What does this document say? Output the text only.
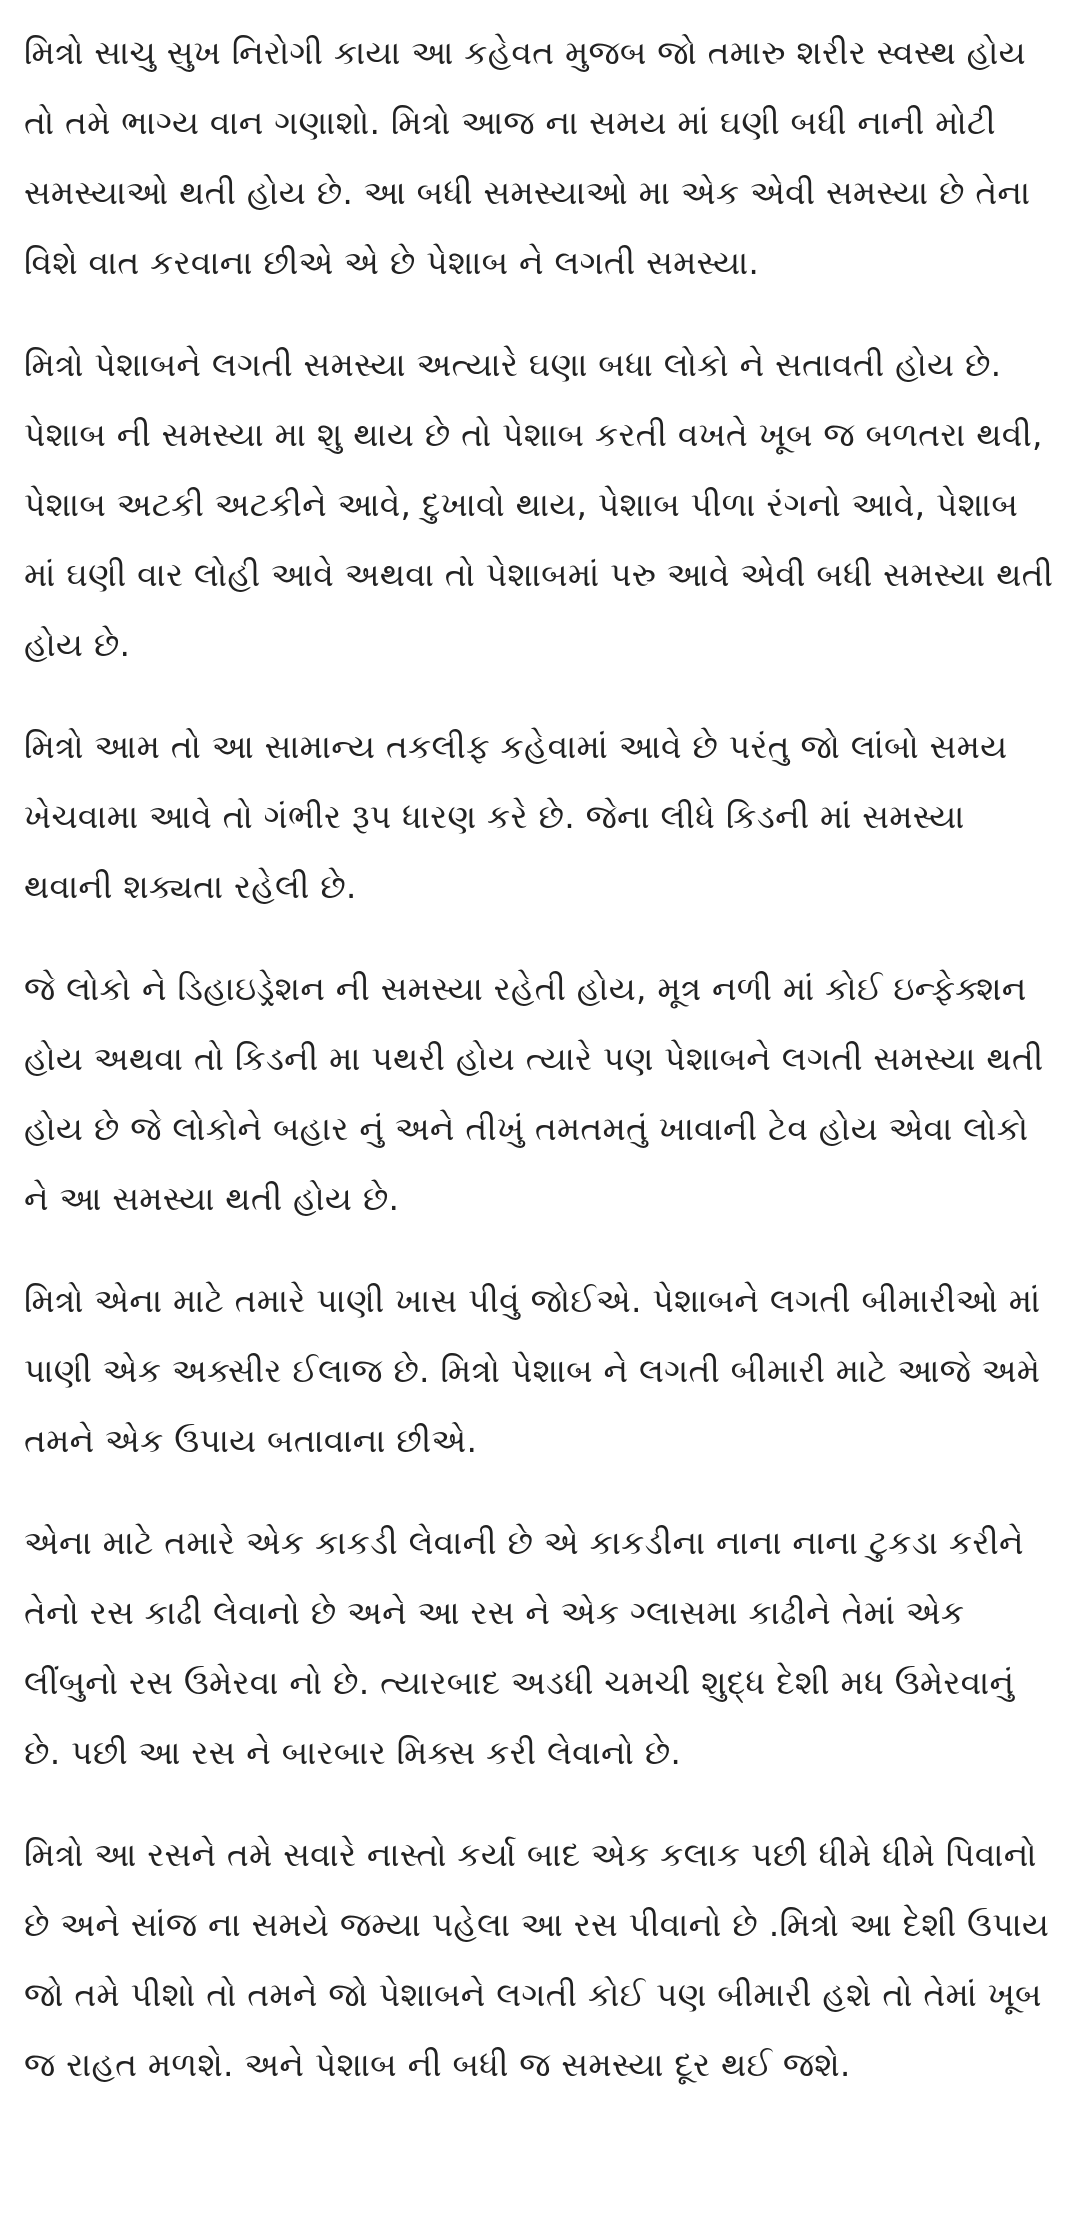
મિત્રો સાચુ સુખ નિરોગી કાયા આ કહેવત મુજબ જો તમારુ શરીર સ્વસ્થ હોય તો તમે ભાગ્ય વાન ગણાશો. મિત્રો આજ ના સમય માં ઘણી બધી નાની મોટી સમસ્યાઓ થતી હોય છે. આ બધી સમસ્યાઓ મા એક એવી સમસ્યા છે તેના વિશે વાત કરવાના છીએ એ છે પેશાબ ને લગતી સમસ્યા.

મિત્રો પેશાબને લગતી સમસ્યા અત્યારે ઘણા બધા લોકો ને સતાવતી હોય છે. પેશાબ ની સમસ્યા મા શુ થાય છે તો પેશાબ કરતી વખતે ખૂબ જ બળતરા થવી, પેશાબ અટકી અટકીને આવે, દુખાવો થાય, પેશાબ પીળા રંગનો આવે, પેશાબ માં ઘણી વાર લોહી આવે અથવા તો પેશાબમાં પરુ આવે એવી બધી સમસ્યા થતી હોય છે.

મિત્રો આમ તો આ સામાન્ય તકલીફ કહેવામાં આવે છે પરંતુ જો લાંબો સમય ખેચવામા આવે તો ગંભીર રૂપ ધારણ કરે છે. જેના લીધે કિડની માં સમસ્યા થવાની શક્યતા રહેલી છે.

જે લોકો ને ડિહાઇડ્રેશન ની સમસ્યા રહેતી હોય, મૂત્ર નળી માં કોઈ ઇન્ફેક્શન હોય અથવા તો કિડની મા પથરી હોય ત્યારે પણ પેશાબને લગતી સમસ્યા થતી હોય છે જે લોકોને બહાર નું અને તીખું તમતમતું ખાવાની ટેવ હોય એવા લોકો ને આ સમસ્યા થતી હોય છે.

મિત્રો એના માટે તમારે પાણી ખાસ પીવું જોઈએ. પેશાબને લગતી બીમારીઓ માં પાણી એક અક્સીર ઈલાજ છે. મિત્રો પેશાબ ને લગતી બીમારી માટે આજે અમે તમને એક ઉપાય બતાવાના છીએ.

એના માટે તમારે એક કાકડી લેવાની છે એ કાકડીના નાના નાના ટુકડા કરીને તેનો રસ કાઢી લેવાનો છે અને આ રસ ને એક ગ્લાસમા કાઢીને તેમાં એક લીંબુનો રસ ઉમેરવા નો છે. ત્યારબાદ અડધી ચમચી શુદ્ધ દેશી મધ ઉમેરવાનું છે. પછી આ રસ ને બારબાર મિક્સ કરી લેવાનો છે.

મિત્રો આ રસને તમે સવારે નાસ્તો કર્યા બાદ એક કલાક પછી ધીમે ધીમે પિવાનો છે અને સાંજ ના સમયે જમ્યા પહેલા આ રસ પીવાનો છે .મિત્રો આ દેશી ઉપાય જો તમે પીશો તો તમને જો પેશાબને લગતી કોઈ પણ બીમારી હશે તો તેમાં ખૂબ જ રાહત મળશે. અને પેશાબ ની બધી જ સમસ્યા દૂર થઈ જશે.
